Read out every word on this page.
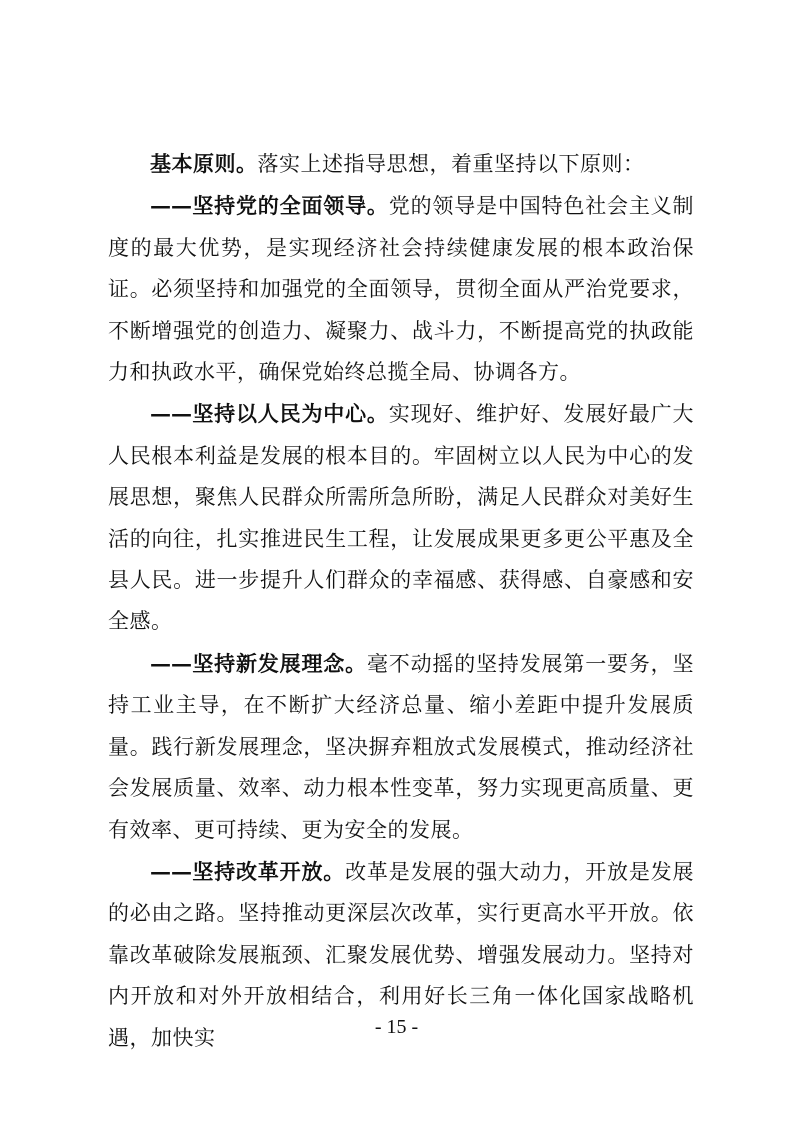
基本原则。落实上述指导思想，着重坚持以下原则：

——坚持党的全面领导。党的领导是中国特色社会主义制度的最大优势，是实现经济社会持续健康发展的根本政治保证。必须坚持和加强党的全面领导，贯彻全面从严治党要求，不断增强党的创造力、凝聚力、战斗力，不断提高党的执政能力和执政水平，确保党始终总揽全局、协调各方。

——坚持以人民为中心。实现好、维护好、发展好最广大人民根本利益是发展的根本目的。牢固树立以人民为中心的发展思想，聚焦人民群众所需所急所盼，满足人民群众对美好生活的向往，扎实推进民生工程，让发展成果更多更公平惠及全县人民。进一步提升人们群众的幸福感、获得感、自豪感和安全感。

——坚持新发展理念。毫不动摇的坚持发展第一要务，坚持工业主导，在不断扩大经济总量、缩小差距中提升发展质量。践行新发展理念，坚决摒弃粗放式发展模式，推动经济社会发展质量、效率、动力根本性变革，努力实现更高质量、更有效率、更可持续、更为安全的发展。

——坚持改革开放。改革是发展的强大动力，开放是发展的必由之路。坚持推动更深层次改革，实行更高水平开放。依靠改革破除发展瓶颈、汇聚发展优势、增强发展动力。坚持对内开放和对外开放相结合，利用好长三角一体化国家战略机遇，加快实	- 15 -
